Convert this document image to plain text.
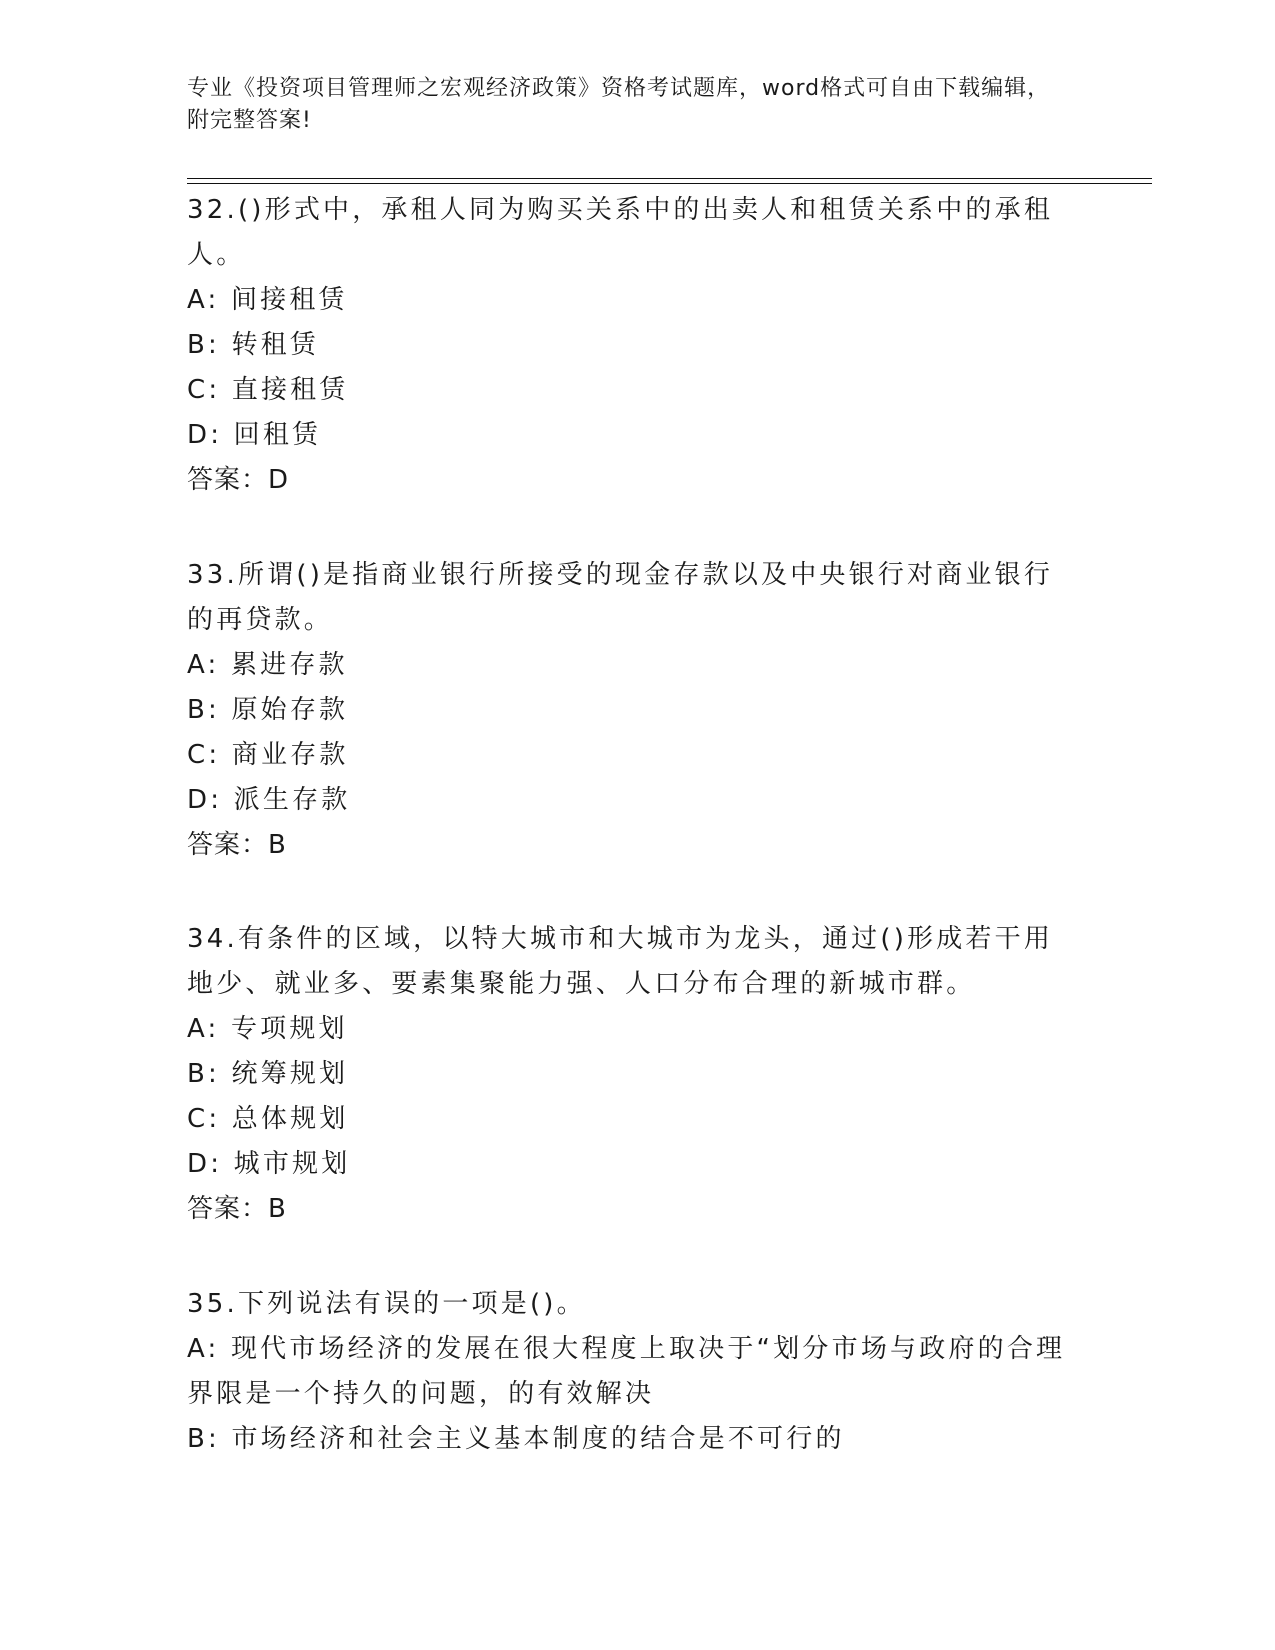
专业《投资项目管理师之宏观经济政策》资格考试题库，word格式可自由下载编辑，附完整答案!
32.()形式中，承租人同为购买关系中的出卖人和租赁关系中的承租人。
A: 间接租赁
B: 转租赁
C: 直接租赁
D: 回租赁
答案：D
33.所谓()是指商业银行所接受的现金存款以及中央银行对商业银行的再贷款。
A: 累进存款
B: 原始存款
C: 商业存款
D: 派生存款
答案：B
34.有条件的区域，以特大城市和大城市为龙头，通过()形成若干用地少、就业多、要素集聚能力强、人口分布合理的新城市群。
A: 专项规划
B: 统筹规划
C: 总体规划
D: 城市规划
答案：B
35.下列说法有误的一项是()。
A: 现代市场经济的发展在很大程度上取决于“划分市场与政府的合理界限是一个持久的问题，的有效解决
B: 市场经济和社会主义基本制度的结合是不可行的
